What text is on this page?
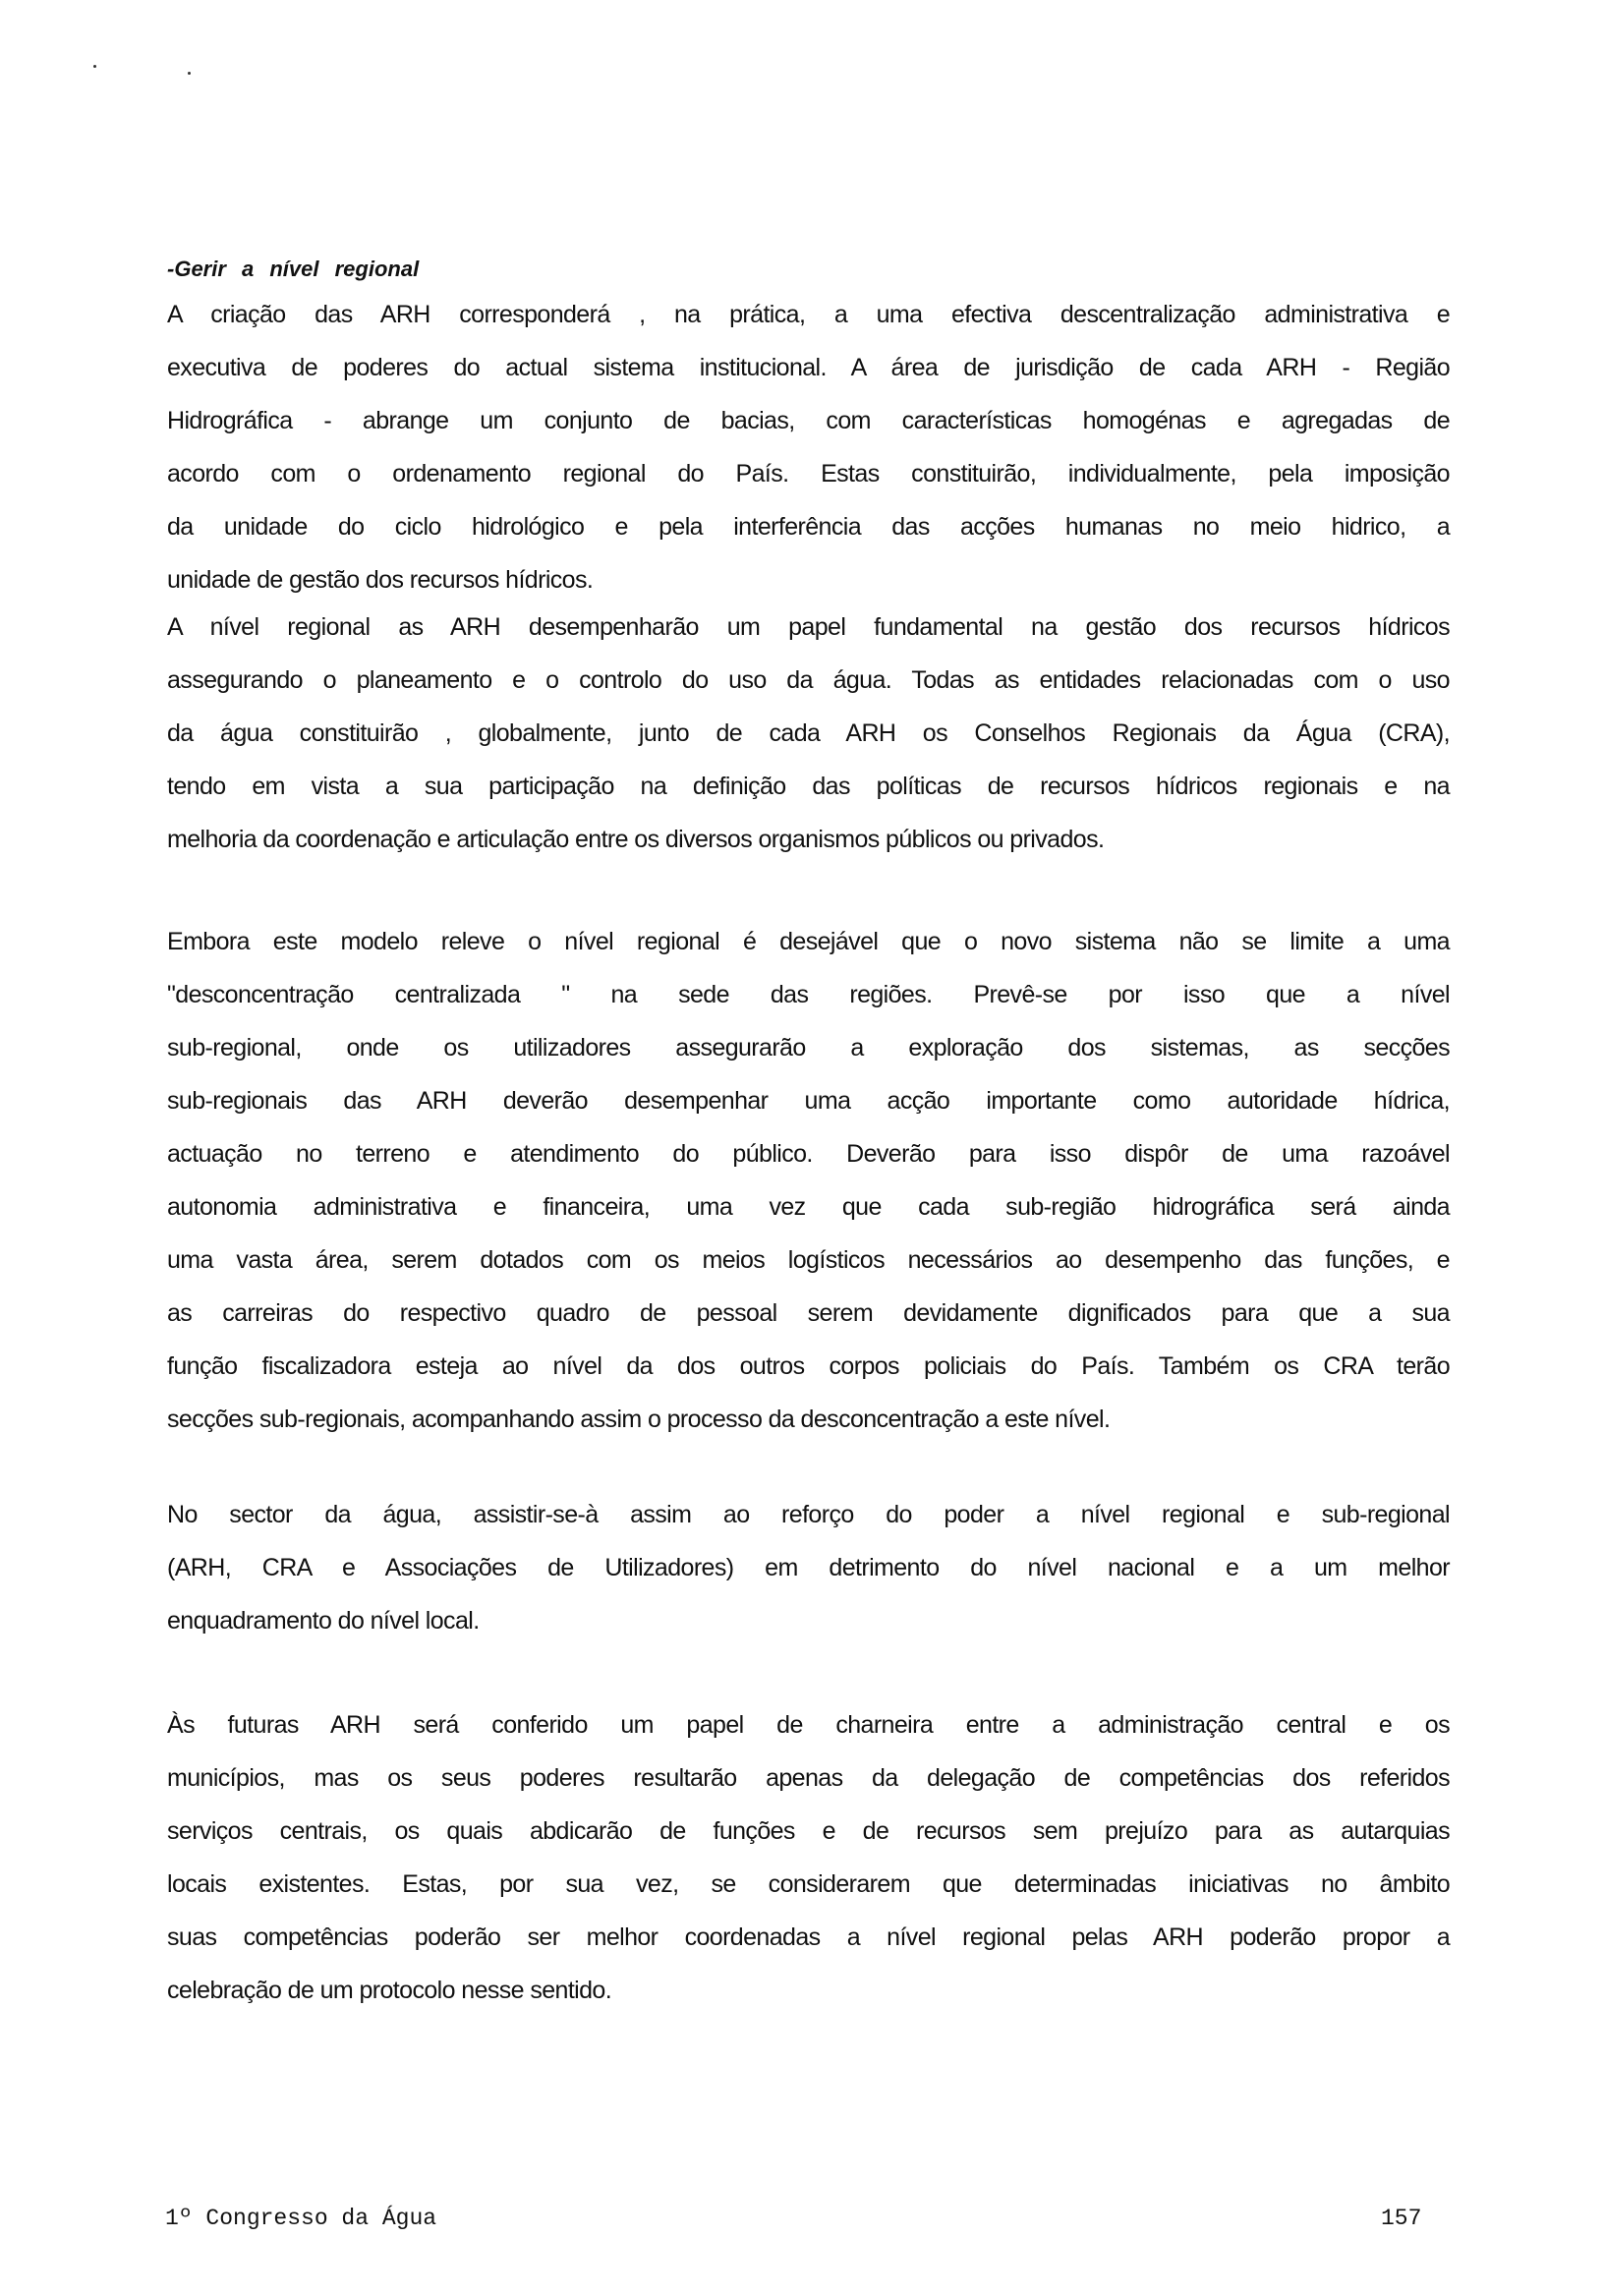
-Gerir a nível regional
A criação das ARH corresponderá , na prática, a uma efectiva descentralização administrativa e
executiva de poderes do actual sistema institucional. A área de jurisdição de cada ARH - Região
Hidrográfica - abrange um conjunto de bacias, com características homogénas e agregadas de
acordo com o ordenamento regional do País. Estas constituirão, individualmente, pela imposição
da unidade do ciclo hidrológico e pela interferência das acções humanas no meio hidrico, a
unidade de gestão dos recursos hídricos.
A nível regional as ARH desempenharão um papel fundamental na gestão dos recursos hídricos
assegurando o planeamento e o controlo do uso da água. Todas as entidades relacionadas com o uso
da água constituirão , globalmente, junto de cada ARH os Conselhos Regionais da Água (CRA),
tendo em vista a sua participação na definição das políticas de recursos hídricos regionais e na
melhoria da coordenação e articulação entre os diversos organismos públicos ou privados.
Embora este modelo releve o nível regional é desejável que o novo sistema não se limite a uma
"desconcentração centralizada " na sede das regiões. Prevê-se por isso que a nível
sub-regional, onde os utilizadores assegurarão a exploração dos sistemas, as secções
sub-regionais das ARH deverão desempenhar uma acção importante como autoridade hídrica,
actuação no terreno e atendimento do público. Deverão para isso dispôr de uma razoável
autonomia administrativa e financeira, uma vez que cada sub-região hidrográfica será ainda
uma vasta área, serem dotados com os meios logísticos necessários ao desempenho das funções, e
as carreiras do respectivo quadro de pessoal serem devidamente dignificados para que a sua
função fiscalizadora esteja ao nível da dos outros corpos policiais do País. Também os CRA terão
secções sub-regionais, acompanhando assim o processo da desconcentração a este nível.
No sector da água, assistir-se-à assim ao reforço do poder a nível regional e sub-regional
(ARH, CRA e Associações de Utilizadores) em detrimento do nível nacional e a um melhor
enquadramento do nível local.
Às futuras ARH será conferido um papel de charneira entre a administração central e os
municípios, mas os seus poderes resultarão apenas da delegação de competências dos referidos
serviços centrais, os quais abdicarão de funções e de recursos sem prejuízo para as autarquias
locais existentes. Estas, por sua vez, se considerarem que determinadas iniciativas no âmbito
suas competências poderão ser melhor coordenadas a nível regional pelas ARH poderão propor a
celebração de um protocolo nesse sentido.
1º Congresso da Água	157
